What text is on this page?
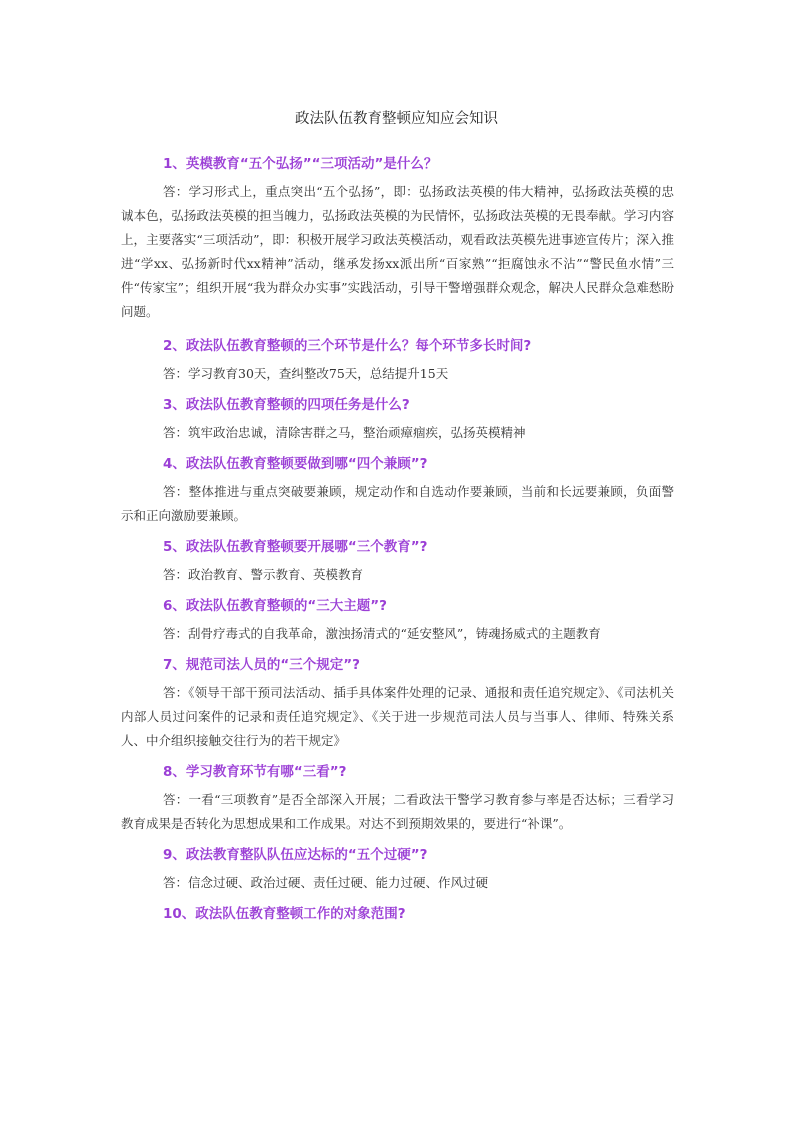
政法队伍教育整顿应知应会知识

1、英模教育“五个弘扬”“三项活动”是什么？

答：学习形式上，重点突出“五个弘扬”，即：弘扬政法英模的伟大精神，弘扬政法英模的忠诚本色，弘扬政法英模的担当魄力，弘扬政法英模的为民情怀，弘扬政法英模的无畏奉献。学习内容上，主要落实“三项活动”，即：积极开展学习政法英模活动，观看政法英模先进事迹宣传片；深入推进“学xx、弘扬新时代xx精神”活动，继承发扬xx派出所“百家熟”“拒腐蚀永不沾”“警民鱼水情”三件“传家宝”；组织开展“我为群众办实事”实践活动，引导干警增强群众观念，解决人民群众急难愁盼问题。

2、政法队伍教育整顿的三个环节是什么？每个环节多长时间?

答：学习教育30天，查纠整改75天，总结提升15天

3、政法队伍教育整顿的四项任务是什么?

答：筑牢政治忠诚，清除害群之马，整治顽瘴痼疾，弘扬英模精神

4、政法队伍教育整顿要做到哪“四个兼顾”?

答：整体推进与重点突破要兼顾，规定动作和自选动作要兼顾，当前和长远要兼顾，负面警示和正向激励要兼顾。

5、政法队伍教育整顿要开展哪“三个教育”?

答：政治教育、警示教育、英模教育

6、政法队伍教育整顿的“三大主题”?

答：刮骨疗毒式的自我革命，激浊扬清式的“延安整风”，铸魂扬威式的主题教育

7、规范司法人员的“三个规定”?

答：《领导干部干预司法活动、插手具体案件处理的记录、通报和责任追究规定》、《司法机关内部人员过问案件的记录和责任追究规定》、《关于进一步规范司法人员与当事人、律师、特殊关系人、中介组织接触交往行为的若干规定》

8、学习教育环节有哪“三看”?

答：一看“三项教育”是否全部深入开展；二看政法干警学习教育参与率是否达标；三看学习教育成果是否转化为思想成果和工作成果。对达不到预期效果的，要进行“补课”。

9、政法教育整队队伍应达标的“五个过硬”?

答：信念过硬、政治过硬、责任过硬、能力过硬、作风过硬

10、政法队伍教育整顿工作的对象范围?
